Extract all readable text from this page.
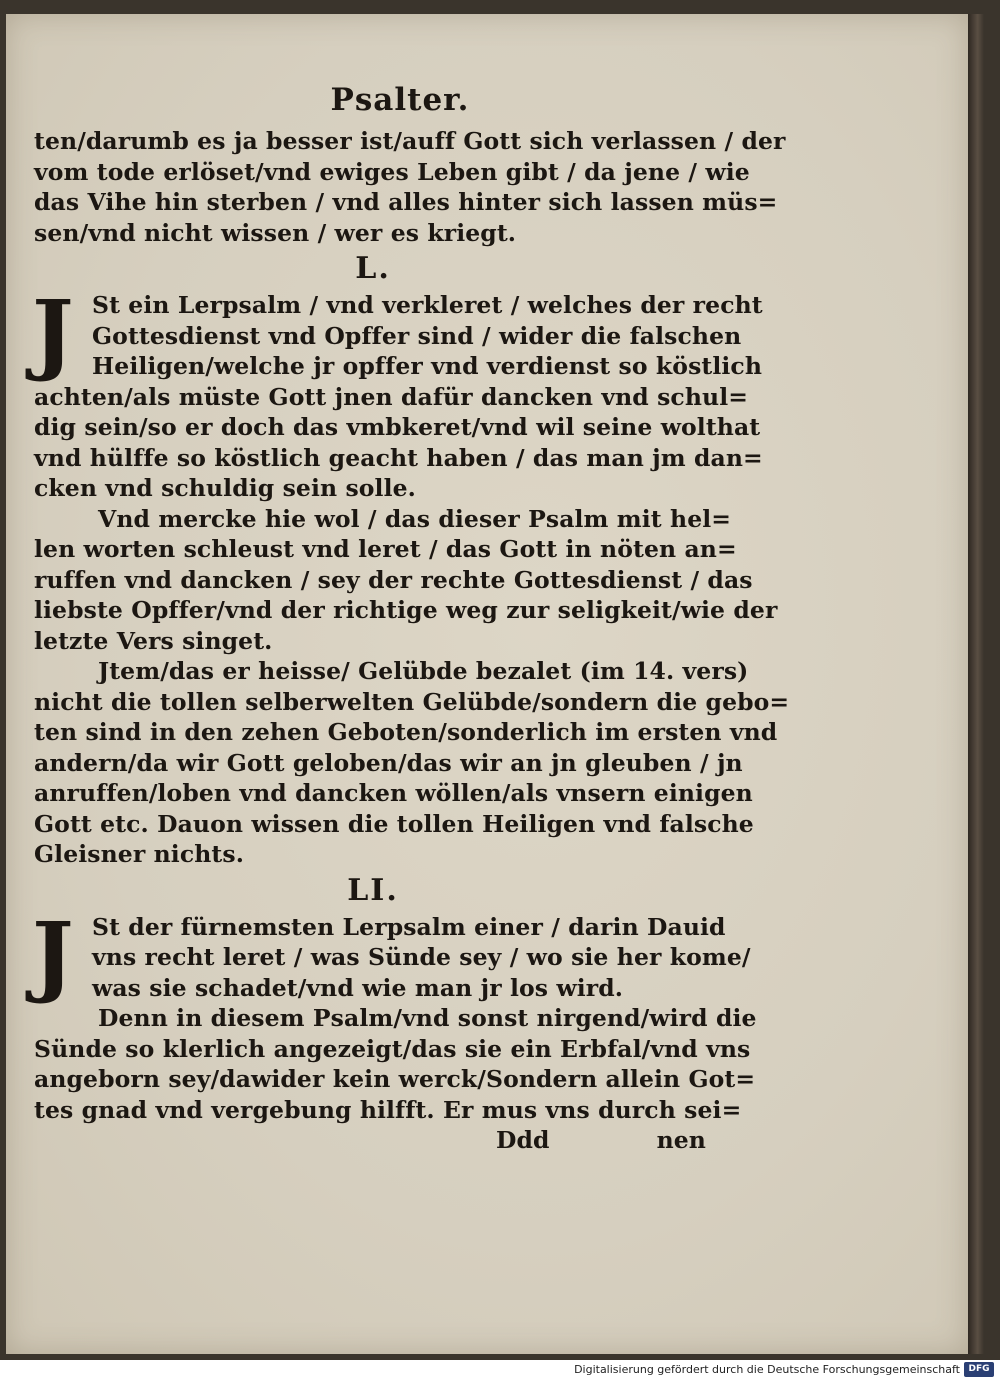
Psalter.
ten/darumb es ja besser ist/auff Gott sich verlassen / der
vom tode erlöset/vnd ewiges Leben gibt / da jene / wie
das Vihe hin sterben / vnd alles hinter sich lassen müs=
sen/vnd nicht wissen / wer es kriegt.
L.
J St ein Lerpsalm / vnd verkleret / welches der recht
Gottesdienst vnd Opffer sind / wider die falschen
Heiligen/welche jr opffer vnd verdienst so köstlich
achten/als müste Gott jnen dafür dancken vnd schul=
dig sein/so er doch das vmbkeret/vnd wil seine wolthat
vnd hülffe so köstlich geacht haben / das man jm dan=
cken vnd schuldig sein solle.
Vnd mercke hie wol / das dieser Psalm mit hel=
len worten schleust vnd leret / das Gott in nöten an=
ruffen vnd dancken / sey der rechte Gottesdienst / das
liebste Opffer/vnd der richtige weg zur seligkeit/wie der
letzte Vers singet.
Jtem/das er heisse/ Gelübde bezalet (im 14. vers)
nicht die tollen selberwelten Gelübde/sondern die gebo=
ten sind in den zehen Geboten/sonderlich im ersten vnd
andern/da wir Gott geloben/das wir an jn gleuben / jn
anruffen/loben vnd dancken wöllen/als vnsern einigen
Gott etc. Dauon wissen die tollen Heiligen vnd falsche
Gleisner nichts.
LI.
J St der fürnemsten Lerpsalm einer / darin Dauid
vns recht leret / was Sünde sey / wo sie her kome/
was sie schadet/vnd wie man jr los wird.
Denn in diesem Psalm/vnd sonst nirgend/wird die
Sünde so klerlich angezeigt/das sie ein Erbfal/vnd vns
angeborn sey/dawider kein werck/Sondern allein Got=
tes gnad vnd vergebung hilfft. Er mus vns durch sei=
Ddd	nen
Digitalisierung gefördert durch die Deutsche Forschungsgemeinschaft DFG
